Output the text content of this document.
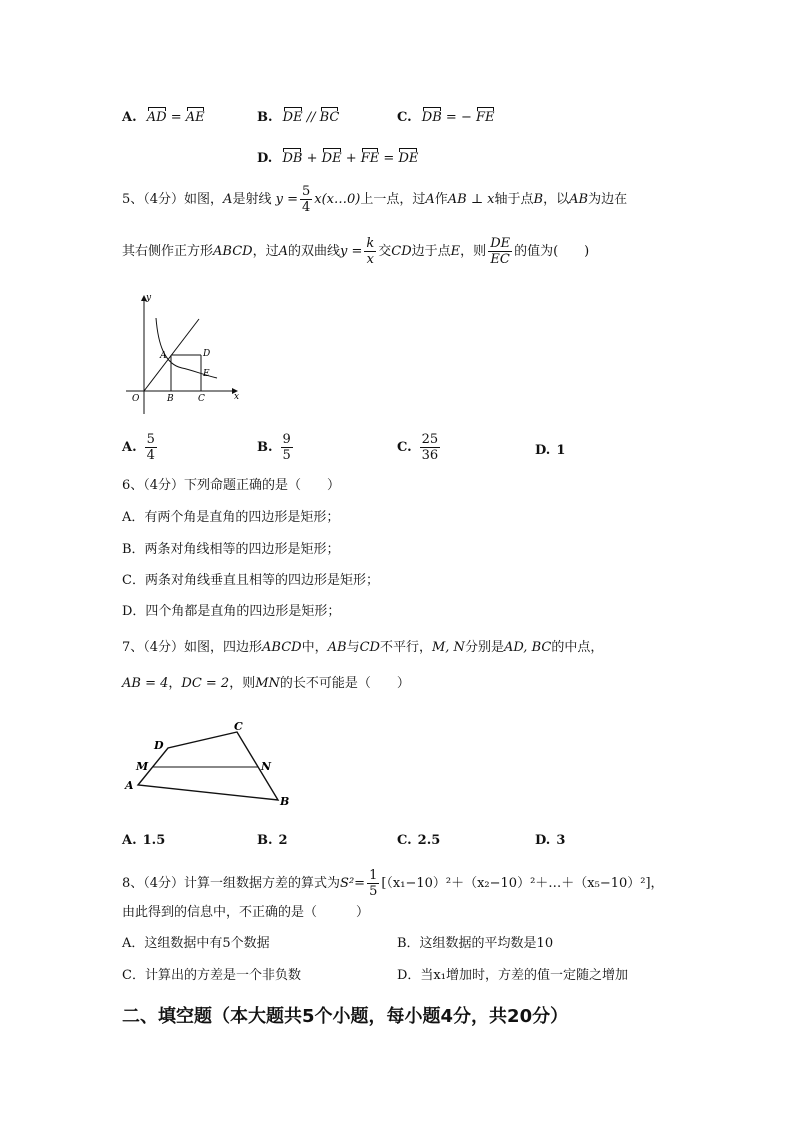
A. AD = AE	B. DE // BC	C. DB = − FE
D. DB + DE + FE = DE
5、（4分）如图，A是射线 $y = \frac{5}{4}$ x(x…0)上一点，过A作AB ⊥ x轴于点B，以AB为边在
其右侧作正方形ABCD，过A的双曲线$y = \frac{k}{x}$ 交CD边于点E，则 $\frac{DE}{EC}$ 的值为(　　)
y
x
O
A
B	C
D
E
A. $\frac{5}{4}$	B. $\frac{9}{5}$	C. $\frac{25}{36}$	D. 1
6、（4分）下列命题正确的是（　　）
A．有两个角是直角的四边形是矩形；
B．两条对角线相等的四边形是矩形；
C．两条对角线垂直且相等的四边形是矩形；
D．四个角都是直角的四边形是矩形；
7、（4分）如图，四边形ABCD中，AB与CD不平行，M, N分别是AD, BC的中点，
AB = 4，DC = 2，则MN的长不可能是（　　）
A
B
C
D
M	N
A. 1.5	B. 2	C. 2.5	D. 3
8、（4分）计算一组数据方差的算式为$S^2= \frac{1}{5}$ [（x₁−10）²＋（x₂−10）²＋…＋（x₅−10）²]，
由此得到的信息中，不正确的是（　　　）
A．这组数据中有5个数据	B．这组数据的平均数是10
C．计算出的方差是一个非负数	D．当x₁增加时，方差的值一定随之增加
二、填空题（本大题共5个小题，每小题4分，共20分）
